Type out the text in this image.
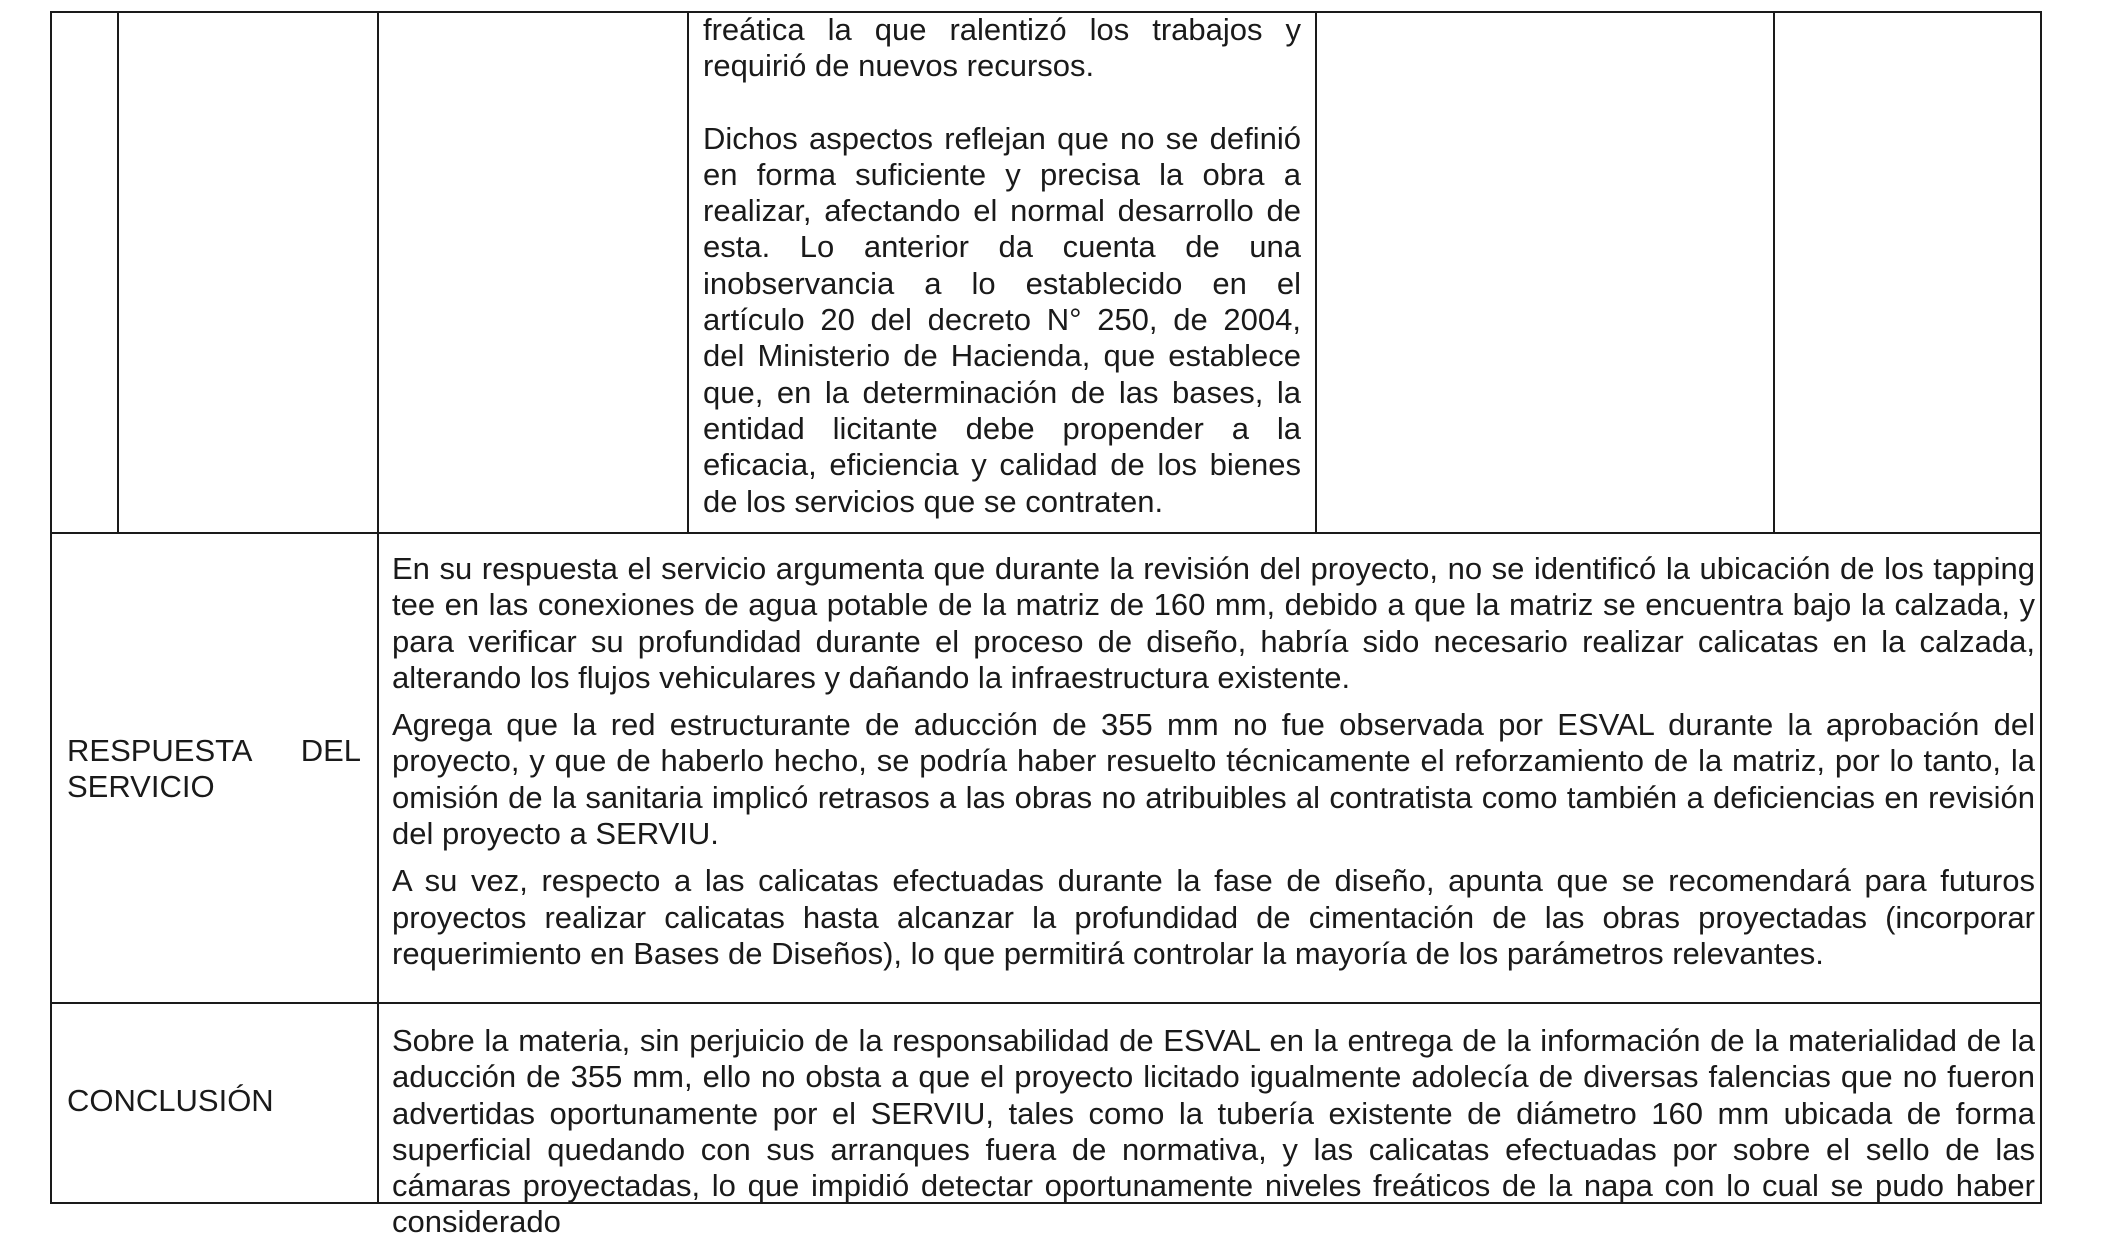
freática la que ralentizó los trabajos y requirió de nuevos recursos.

Dichos aspectos reflejan que no se definió en forma suficiente y precisa la obra a realizar, afectando el normal desarrollo de esta. Lo anterior da cuenta de una inobservancia a lo establecido en el artículo 20 del decreto N° 250, de 2004, del Ministerio de Hacienda, que establece que, en la determinación de las bases, la entidad licitante debe propender a la eficacia, eficiencia y calidad de los bienes de los servicios que se contraten.

RESPUESTA DEL
SERVICIO

En su respuesta el servicio argumenta que durante la revisión del proyecto, no se identificó la ubicación de los tapping tee en las conexiones de agua potable de la matriz de 160 mm, debido a que la matriz se encuentra bajo la calzada, y para verificar su profundidad durante el proceso de diseño, habría sido necesario realizar calicatas en la calzada, alterando los flujos vehiculares y dañando la infraestructura existente.

Agrega que la red estructurante de aducción de 355 mm no fue observada por ESVAL durante la aprobación del proyecto, y que de haberlo hecho, se podría haber resuelto técnicamente el reforzamiento de la matriz, por lo tanto, la omisión de la sanitaria implicó retrasos a las obras no atribuibles al contratista como también a deficiencias en revisión del proyecto a SERVIU.

A su vez, respecto a las calicatas efectuadas durante la fase de diseño, apunta que se recomendará para futuros proyectos realizar calicatas hasta alcanzar la profundidad de cimentación de las obras proyectadas (incorporar requerimiento en Bases de Diseños), lo que permitirá controlar la mayoría de los parámetros relevantes.

CONCLUSIÓN

Sobre la materia, sin perjuicio de la responsabilidad de ESVAL en la entrega de la información de la materialidad de la aducción de 355 mm, ello no obsta a que el proyecto licitado igualmente adolecía de diversas falencias que no fueron advertidas oportunamente por el SERVIU, tales como la tubería existente de diámetro 160 mm ubicada de forma superficial quedando con sus arranques fuera de normativa, y las calicatas efectuadas por sobre el sello de las cámaras proyectadas, lo que impidió detectar oportunamente niveles freáticos de la napa con lo cual se pudo haber considerado
